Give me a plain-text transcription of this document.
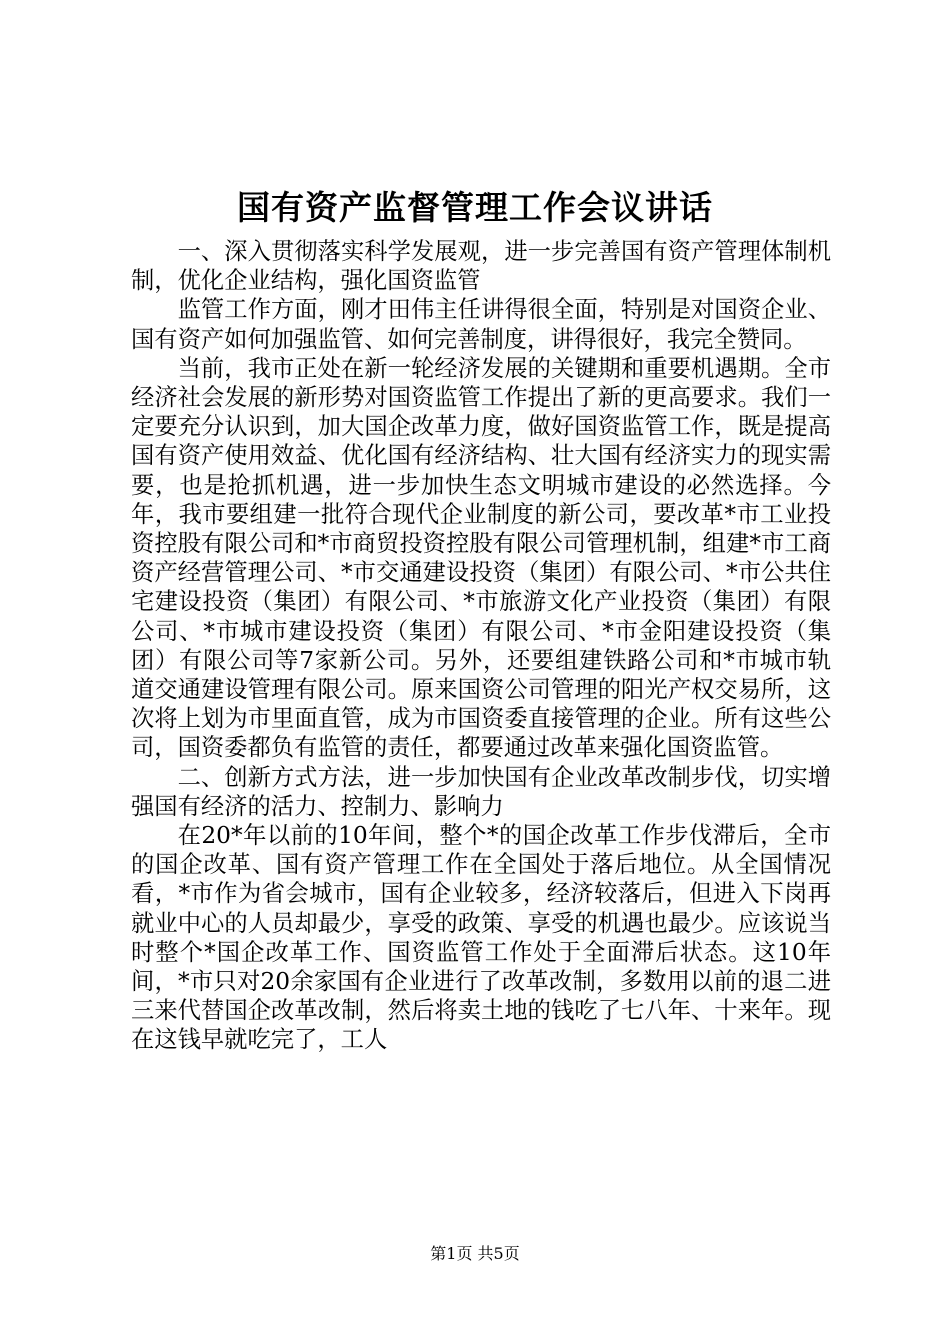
国有资产监督管理工作会议讲话

一、深入贯彻落实科学发展观，进一步完善国有资产管理体制机制，优化企业结构，强化国资监管

监管工作方面，刚才田伟主任讲得很全面，特别是对国资企业、国有资产如何加强监管、如何完善制度，讲得很好，我完全赞同。

当前，我市正处在新一轮经济发展的关键期和重要机遇期。全市经济社会发展的新形势对国资监管工作提出了新的更高要求。我们一定要充分认识到，加大国企改革力度，做好国资监管工作，既是提高国有资产使用效益、优化国有经济结构、壮大国有经济实力的现实需要，也是抢抓机遇，进一步加快生态文明城市建设的必然选择。今年，我市要组建一批符合现代企业制度的新公司，要改革*市工业投资控股有限公司和*市商贸投资控股有限公司管理机制，组建*市工商资产经营管理公司、*市交通建设投资（集团）有限公司、*市公共住宅建设投资（集团）有限公司、*市旅游文化产业投资（集团）有限公司、*市城市建设投资（集团）有限公司、*市金阳建设投资（集团）有限公司等7家新公司。另外，还要组建铁路公司和*市城市轨道交通建设管理有限公司。原来国资公司管理的阳光产权交易所，这次将上划为市里面直管，成为市国资委直接管理的企业。所有这些公司，国资委都负有监管的责任，都要通过改革来强化国资监管。

二、创新方式方法，进一步加快国有企业改革改制步伐，切实增强国有经济的活力、控制力、影响力

在20*年以前的10年间，整个*的国企改革工作步伐滞后，全市的国企改革、国有资产管理工作在全国处于落后地位。从全国情况看，*市作为省会城市，国有企业较多，经济较落后，但进入下岗再就业中心的人员却最少，享受的政策、享受的机遇也最少。应该说当时整个*国企改革工作、国资监管工作处于全面滞后状态。这10年间，*市只对20余家国有企业进行了改革改制，多数用以前的退二进三来代替国企改革改制，然后将卖土地的钱吃了七八年、十来年。现在这钱早就吃完了，工人

第1页 共5页
